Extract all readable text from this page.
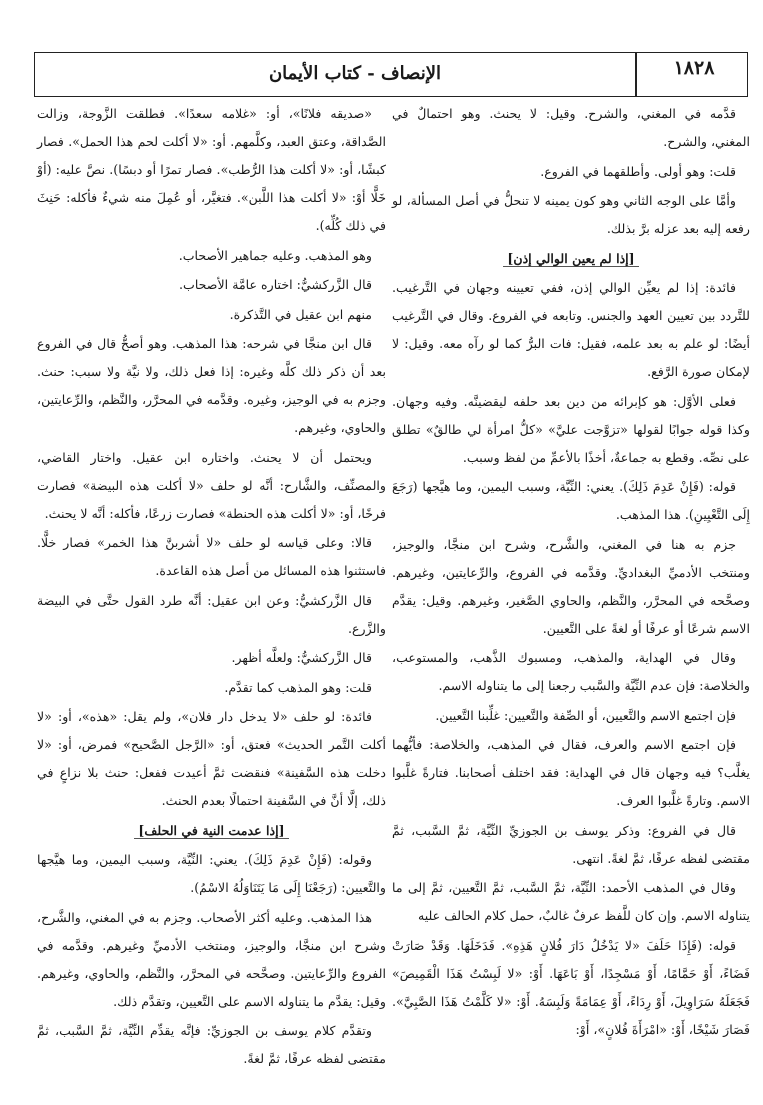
١٨٢٨
الإنصاف - كتاب الأيمان

قدَّمه في المغني، والشرح. وقيل: لا يحنث. وهو احتمالٌ في المغني، والشرح.

قلت: وهو أولى. وأطلقهما في الفروع.

وأمَّا على الوجه الثاني وهو كون يمينه لا تنحلُّ في أصل المسألة، لو رفعه إليه بعد عزله برَّ بذلك.

[إذا لم يعين الوالي إذن]

فائدة: إذا لم يعيِّن الوالي إذن، ففي تعيينه وجهان في التَّرغيب. للتَّردد بين تعيين العهد والجنس. وتابعه في الفروع. وقال في التَّرغيب أيضًا: لو علم به بعد علمه، فقيل: فات البرُّ كما لو رآه معه. وقيل: لا لإمكان صورة الرَّفع.

فعلى الأوَّل: هو كإبرائه من دين بعد حلفه ليقضينَّه. وفيه وجهان. وكذا قوله جوابًا لقولها «تزوَّجت عليَّ» «كلُّ امرأة لي طالقٌ» تطلق على نصِّه. وقطع به جماعةٌ، أخذًا بالأعمِّ من لفظ وسبب.

قوله: (فَإِنْ عَدِمَ ذَلِكَ). يعني: النِّيَّة، وسبب اليمين، وما هيَّجها (رَجَعَ إِلَى التَّعْيِينِ). هذا المذهب.

جزم به هنا في المغني، والشَّرح، وشرح ابن منجَّا، والوجيز، ومنتخب الأدميِّ البغداديِّ. وقدَّمه في الفروع، والرِّعايتين، وغيرهم. وصحَّحه في المحرَّر، والنَّظم، والحاوي الصَّغير، وغيرهم. وقيل: يقدَّم الاسم شرعًا أو عرفًا أو لغةً على التَّعيين.

وقال في الهداية، والمذهب، ومسبوك الذَّهب، والمستوعب، والخلاصة: فإن عدم النِّيَّة والسَّبب رجعنا إلى ما يتناوله الاسم.

فإن اجتمع الاسم والتَّعيين، أو الصِّفة والتَّعيين: غلِّبنا التَّعيين.

فإن اجتمع الاسم والعرف، فقال في المذهب، والخلاصة: فأيُّهما يغلَّب؟ فيه وجهان قال في الهداية: فقد اختلف أصحابنا. فتارةً غلَّبوا الاسم. وتارةً غلَّبوا العرف.

قال في الفروع: وذكر يوسف بن الجوزيِّ النِّيَّة، ثمَّ السَّبب، ثمَّ مقتضى لفظه عرفًا، ثمَّ لغةً. انتهى.

وقال في المذهب الأحمد: النِّيَّة، ثمَّ السَّبب، ثمَّ التَّعيين، ثمَّ إلى ما يتناوله الاسم. وإن كان للَّفظ عرفٌ غالبٌ، حمل كلام الحالف عليه

قوله: (فَإِذَا حَلَفَ «لا يَدْخُلُ دَارَ فُلانٍ هَذِهِ». فَدَخَلَهَا. وَقَدْ صَارَتْ فَضَاءً، أَوْ حَمَّامًا، أَوْ مَسْجِدًا، أَوْ بَاعَهَا. أَوْ: «لا لَبِسْتُ هَذَا الْقَمِيصَ» فَجَعَلَهُ سَرَاوِيلَ، أَوْ رِدَاءً، أَوْ عِمَامَةً وَلَبِسَهُ. أَوْ: «لا كَلَّمْتُ هَذَا الصَّبِيَّ». فَصَارَ شَيْخًا، أَوْ: «امْرَأَةَ فُلانٍ»، أَوْ:

«صديقه فلانًا»، أو: «غلامه سعدًا». فطلقت الزَّوجة، وزالت الصَّداقة، وعتق العبد، وكلَّمهم. أو: «لا أكلت لحم هذا الحمل». فصار كبشًا، أو: «لا أكلت هذا الرُّطب». فصار تمرًا أو دبسًا). نصَّ عليه: (أوْ خَلًّا أوْ: «لا أكلت هذا اللَّبن». فتغيَّر، أو عُمِلَ منه شيءٌ فأكله: حَنِثَ في ذلك كُلِّه).

وهو المذهب. وعليه جماهير الأصحاب.

قال الزَّركشيُّ: اختاره عامَّة الأصحاب.

منهم ابن عقيل في التَّذكرة.

قال ابن منجَّا في شرحه: هذا المذهب. وهو أصحُّ قال في الفروع بعد أن ذكر ذلك كلَّه وغيره: إذا فعل ذلك، ولا نيَّة ولا سبب: حنث. وجزم به في الوجيز، وغيره. وقدَّمه في المحرَّر، والنَّظم، والرِّعايتين، والحاوي، وغيرهم.

ويحتمل أن لا يحنث. واختاره ابن عقيل. واختار القاضي، والمصنِّف، والشَّارح: أنَّه لو حلف «لا أكلت هذه البيضة» فصارت فرخًا، أو: «لا أكلت هذه الحنطة» فصارت زرعًا، فأكله: أنَّه لا يحنث.

قالا: وعلى قياسه لو حلف «لا أشربنَّ هذا الخمر» فصار خلًّا. فاستثنوا هذه المسائل من أصل هذه القاعدة.

قال الزَّركشيُّ: وعن ابن عقيل: أنَّه طرد القول حتَّى في البيضة والزَّرع.

قال الزَّركشيُّ: ولعلَّه أظهر.

قلت: وهو المذهب كما تقدَّم.

فائدة: لو حلف «لا يدخل دار فلان»، ولم يقل: «هذه»، أو: «لا أكلت التَّمر الحديث» فعتق، أو: «الرَّجل الصَّحيح» فمرض، أو: «لا دخلت هذه السَّفينة» فنقضت ثمَّ أعيدت ففعل: حنث بلا نزاعٍ في ذلك، إلَّا أنَّ في السَّفينة احتمالًا بعدم الحنث.

[إذا عدمت النية في الحلف]

وقوله: (فَإِنْ عَدِمَ ذَلِكَ). يعني: النِّيَّة، وسبب اليمين، وما هيَّجها والتَّعيين: (رَجَعْنَا إِلَى مَا يَتَنَاوَلُهُ الاسْمُ).

هذا المذهب. وعليه أكثر الأصحاب. وجزم به في المغني، والشَّرح، وشرح ابن منجَّا، والوجيز، ومنتخب الأدميِّ وغيرهم. وقدَّمه في الفروع والرِّعايتين. وصحَّحه في المحرَّر، والنَّظم، والحاوي، وغيرهم. وقيل: يقدَّم ما يتناوله الاسم على التَّعيين، وتقدَّم ذلك.

وتقدَّم كلام يوسف بن الجوزيِّ: فإنَّه يقدِّم النِّيَّة، ثمَّ السَّبب، ثمَّ مقتضى لفظه عرفًا، ثمَّ لغةً.
